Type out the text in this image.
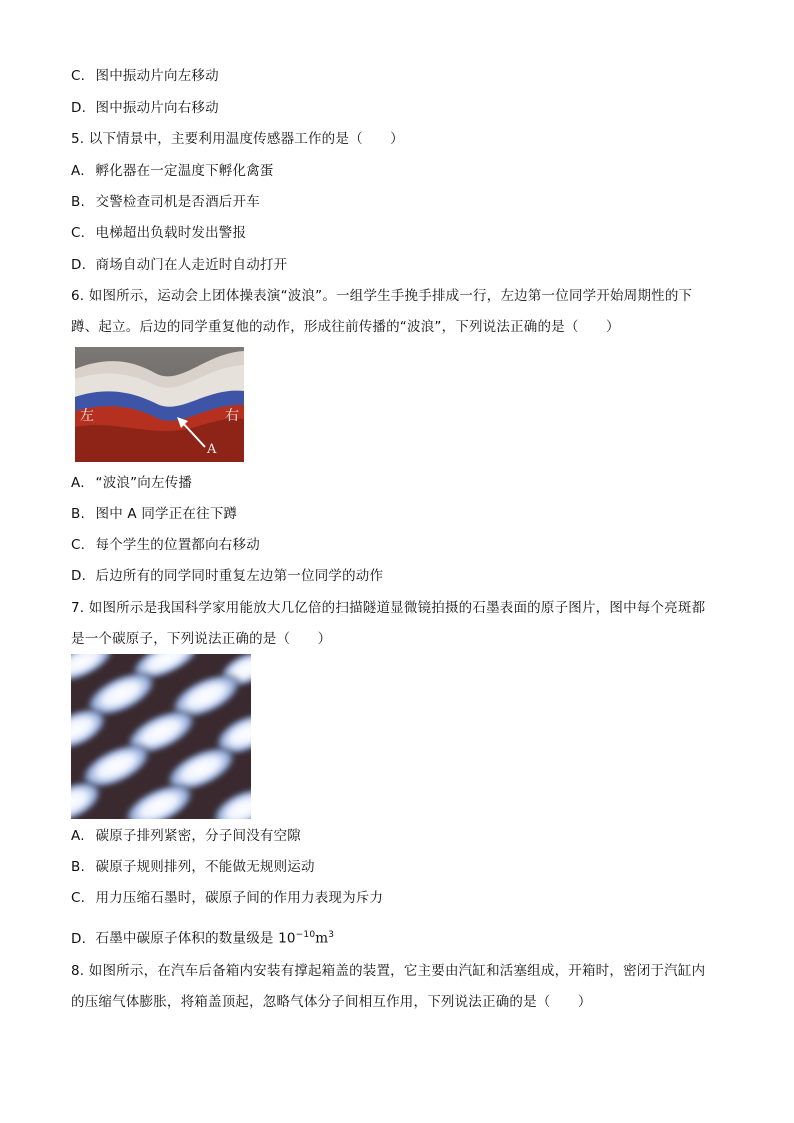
C. 图中振动片向左移动
D. 图中振动片向右移动
5. 以下情景中，主要利用温度传感器工作的是（　　）
A. 孵化器在一定温度下孵化禽蛋
B. 交警检查司机是否酒后开车
C. 电梯超出负载时发出警报
D. 商场自动门在人走近时自动打开
6. 如图所示，运动会上团体操表演“波浪”。一组学生手挽手排成一行，左边第一位同学开始周期性的下
蹲、起立。后边的同学重复他的动作，形成往前传播的“波浪”，下列说法正确的是（　　）
左	右
A
A. “波浪”向左传播
B. 图中 A 同学正在往下蹲
C. 每个学生的位置都向右移动
D. 后边所有的同学同时重复左边第一位同学的动作
7. 如图所示是我国科学家用能放大几亿倍的扫描隧道显微镜拍摄的石墨表面的原子图片，图中每个亮斑都
是一个碳原子，下列说法正确的是（　　）
A. 碳原子排列紧密，分子间没有空隙
B. 碳原子规则排列，不能做无规则运动
C. 用力压缩石墨时，碳原子间的作用力表现为斥力
D. 石墨中碳原子体积的数量级是 $10^{-10}m^3$
8. 如图所示，在汽车后备箱内安装有撑起箱盖的装置，它主要由汽缸和活塞组成，开箱时，密闭于汽缸内
的压缩气体膨胀，将箱盖顶起，忽略气体分子间相互作用，下列说法正确的是（　　）
